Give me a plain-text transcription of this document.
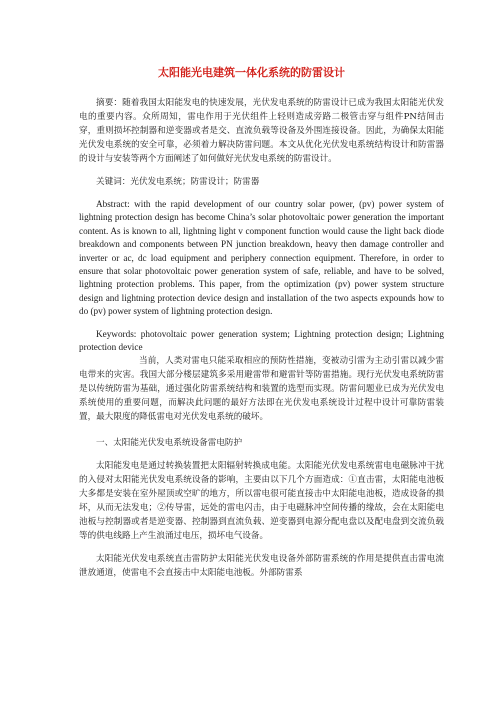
太阳能光电建筑一体化系统的防雷设计

摘要：随着我国太阳能发电的快速发展，光伏发电系统的防雷设计已成为我国太阳能光伏发电的重要内容。众所周知，雷电作用于光伏组件上轻则造成旁路二极管击穿与组件PN结间击穿，重则损坏控制器和逆变器或者是交、直流负载等设备及外围连接设备。因此，为确保太阳能光伏发电系统的安全可靠，必须着力解决防雷问题。本文从优化光伏发电系统结构设计和防雷器的设计与安装等两个方面阐述了如何做好光伏发电系统的防雷设计。

关键词：光伏发电系统；防雷设计；防雷器

Abstract: with the rapid development of our country solar power, (pv) power system of lightning protection design has become China’s solar photovoltaic power generation the important content. As is known to all, lightning light v component function would cause the light back diode breakdown and components between PN junction breakdown, heavy then damage controller and inverter or ac, dc load equipment and periphery connection equipment. Therefore, in order to ensure that solar photovoltaic power generation system of safe, reliable, and have to be solved, lightning protection problems. This paper, from the optimization (pv) power system structure design and lightning protection device design and installation of the two aspects expounds how to do (pv) power system of lightning protection design.

Keywords: photovoltaic power generation system; Lightning protection design; Lightning protection device

当前，人类对雷电只能采取相应的预防性措施，变被动引雷为主动引雷以减少雷电带来的灾害。我国大部分楼层建筑多采用避雷带和避雷针等防雷措施。现行光伏发电系统防雷是以传统防雷为基础，通过强化防雷系统结构和装置的选型而实现。防雷问题业已成为光伏发电系统使用的重要问题，而解决此问题的最好方法即在光伏发电系统设计过程中设计可靠防雷装置，最大限度的降低雷电对光伏发电系统的破坏。

一、太阳能光伏发电系统设备雷电防护

太阳能发电是通过转换装置把太阳辐射转换成电能。太阳能光伏发电系统雷电电磁脉冲干扰的入侵对太阳能光伏发电系统设备的影响，主要由以下几个方面造成：①直击雷，太阳能电池板大多都是安装在室外屋顶或空旷的地方，所以雷电很可能直接击中太阳能电池板，造成设备的损坏，从而无法发电；②传导雷，远处的雷电闪击，由于电磁脉冲空间传播的缘故，会在太阳能电池板与控制器或者是逆变器、控制器到直流负载、逆变器到电源分配电盘以及配电盘到交流负载等的供电线路上产生浪涌过电压，损坏电气设备。

太阳能光伏发电系统直击雷防护太阳能光伏发电设备外部防雷系统的作用是提供直击雷电流泄放通道，使雷电不会直接击中太阳能电池板。外部防雷系
